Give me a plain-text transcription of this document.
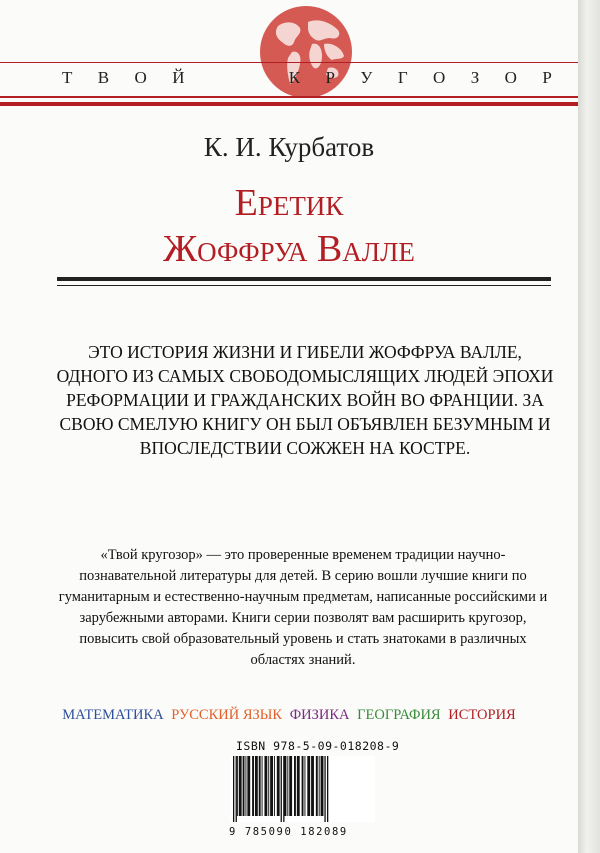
Т В О Й	К Р У Г О З О Р
К. И. Курбатов
Еретик
Жоффруа Валле
ЭТО ИСТОРИЯ ЖИЗНИ И ГИБЕЛИ ЖОФФРУА ВАЛЛЕ, ОДНОГО ИЗ САМЫХ СВОБОДОМЫСЛЯЩИХ ЛЮДЕЙ ЭПОХИ РЕФОРМАЦИИ И ГРАЖДАНСКИХ ВОЙН ВО ФРАНЦИИ. ЗА СВОЮ СМЕЛУЮ КНИГУ ОН БЫЛ ОБЪЯВЛЕН БЕЗУМНЫМ И ВПОСЛЕДСТВИИ СОЖЖЕН НА КОСТРЕ.
«Твой кругозор» — это проверенные временем традиции научно-познавательной литературы для детей. В серию вошли лучшие книги по гуманитарным и естественно-научным предметам, написанные российскими и зарубежными авторами. Книги серии позволят вам расширить кругозор, повысить свой образовательный уровень и стать знатоками в различных областях знаний.
МАТЕМАТИКА РУССКИЙ ЯЗЫК ФИЗИКА ГЕОГРАФИЯ ИСТОРИЯ
ISBN 978-5-09-018208-9
9 785090 182089
